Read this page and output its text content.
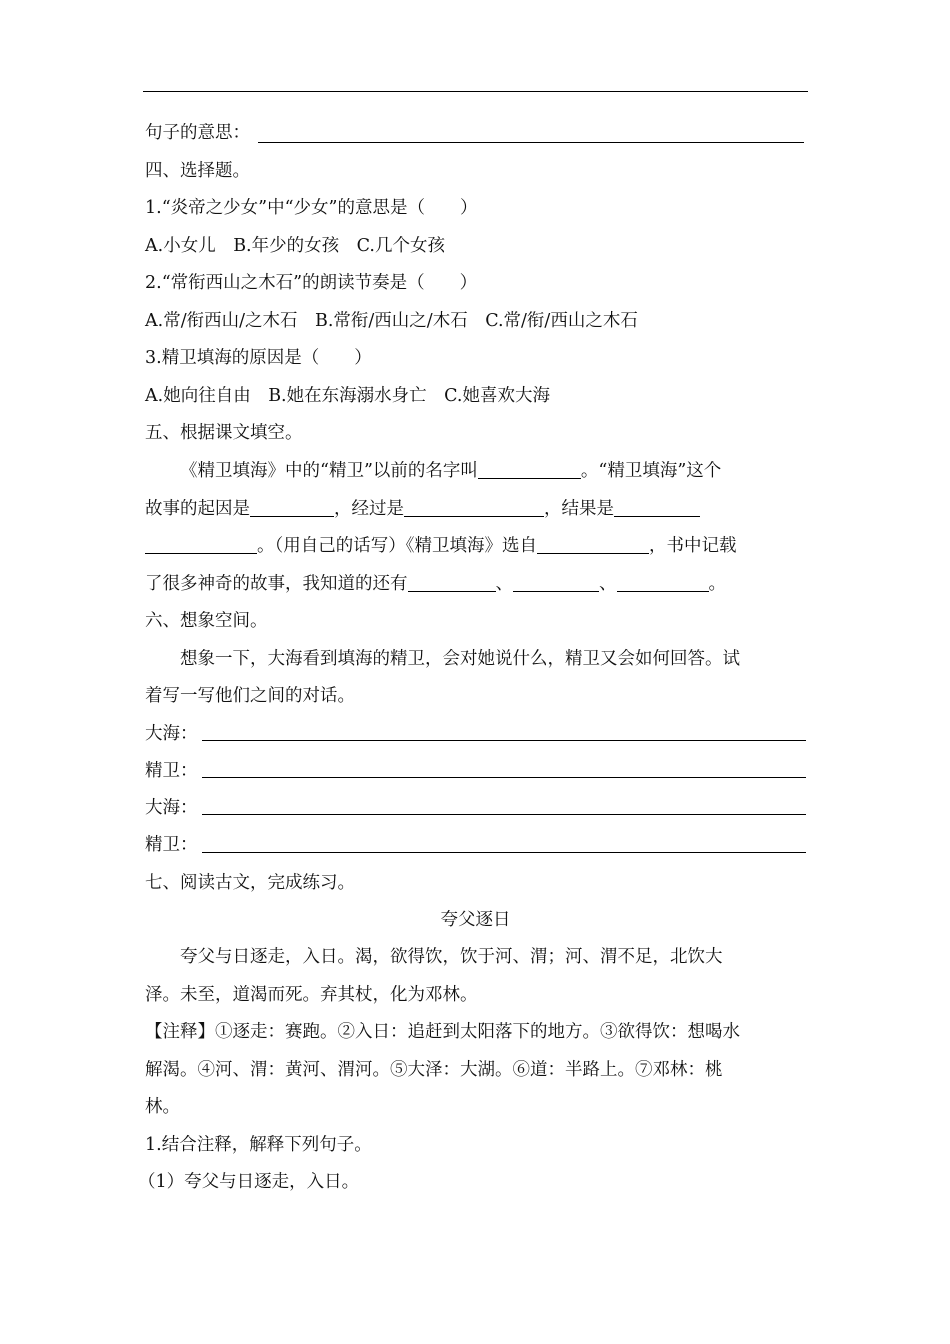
句子的意思：
四、选择题。
1.“炎帝之少女”中“少女”的意思是（　　）
A.小女儿　B.年少的女孩　C.几个女孩
2.“常衔西山之木石”的朗读节奏是（　　）
A.常/衔西山/之木石　B.常衔/西山之/木石　C.常/衔/西山之木石
3.精卫填海的原因是（　　）
A.她向往自由　B.她在东海溺水身亡　C.她喜欢大海
五、根据课文填空。
《精卫填海》中的“精卫”以前的名字叫	。“精卫填海”这个
故事的起因是	，经过是	，结果是
。（用自己的话写）《精卫填海》选自	，书中记载
了很多神奇的故事，我知道的还有	、	、	。
六、想象空间。
想象一下，大海看到填海的精卫，会对她说什么，精卫又会如何回答。试
着写一写他们之间的对话。
大海：
精卫：
大海：
精卫：
七、阅读古文，完成练习。
夸父逐日
夸父与日逐走，入日。渴，欲得饮，饮于河、渭；河、渭不足，北饮大
泽。未至，道渴而死。弃其杖，化为邓林。
【注释】①逐走：赛跑。②入日：追赶到太阳落下的地方。③欲得饮：想喝水
解渴。④河、渭：黄河、渭河。⑤大泽：大湖。⑥道：半路上。⑦邓林：桃
林。
1.结合注释，解释下列句子。
（1）夸父与日逐走，入日。
